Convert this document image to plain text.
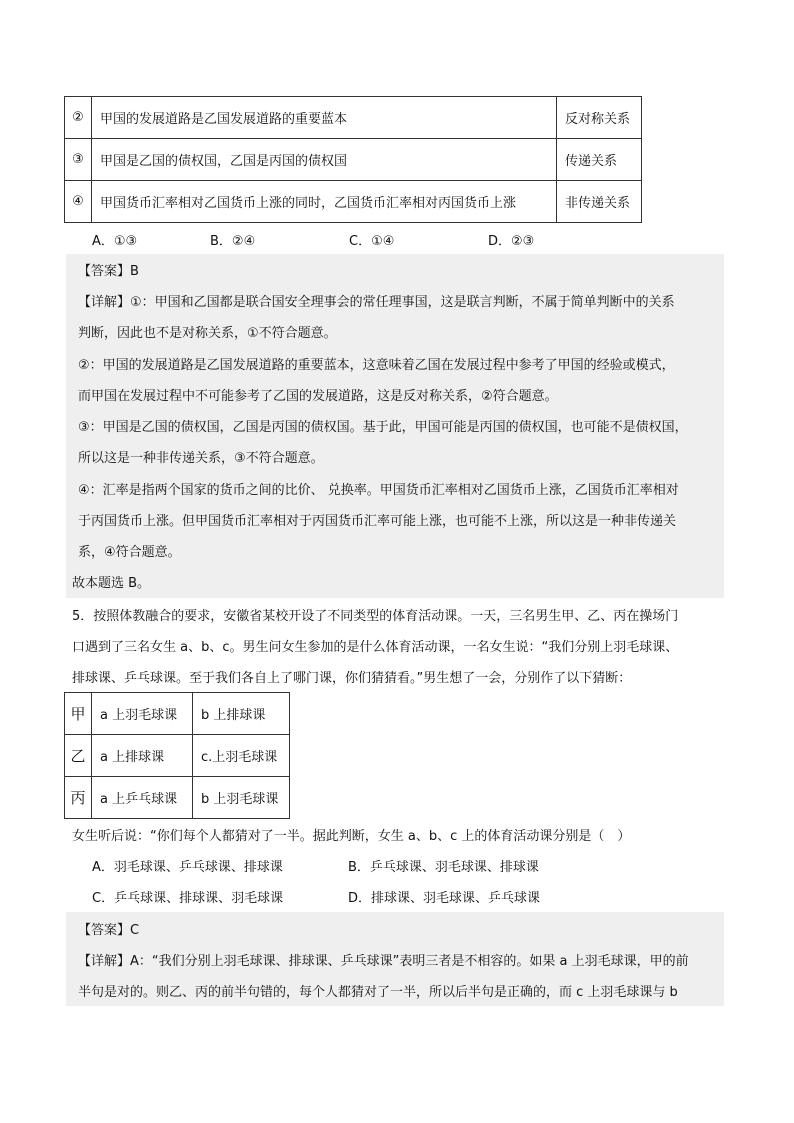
②	甲国的发展道路是乙国发展道路的重要蓝本	反对称关系
③	甲国是乙国的债权国，乙国是丙国的债权国	传递关系
④	甲国货币汇率相对乙国货币上涨的同时，乙国货币汇率相对丙国货币上涨	非传递关系
A．①③	B．②④	C．①④	D．②③
【答案】B
【详解】①：甲国和乙国都是联合国安全理事会的常任理事国，这是联言判断，不属于简单判断中的关系
判断，因此也不是对称关系，①不符合题意。
②：甲国的发展道路是乙国发展道路的重要蓝本，这意味着乙国在发展过程中参考了甲国的经验或模式，
而甲国在发展过程中不可能参考了乙国的发展道路，这是反对称关系，②符合题意。
③：甲国是乙国的债权国，乙国是丙国的债权国。基于此，甲国可能是丙国的债权国，也可能不是债权国，
所以这是一种非传递关系，③不符合题意。
④：汇率是指两个国家的货币之间的比价、 兑换率。甲国货币汇率相对乙国货币上涨，乙国货币汇率相对
于丙国货币上涨。但甲国货币汇率相对于丙国货币汇率可能上涨，也可能不上涨，所以这是一种非传递关
系，④符合题意。
故本题选 B。
5．按照体教融合的要求，安徽省某校开设了不同类型的体育活动课。一天，三名男生甲、乙、丙在操场门
口遇到了三名女生 a、b、c。男生问女生参加的是什么体育活动课，一名女生说：“我们分别上羽毛球课、
排球课、乒乓球课。至于我们各自上了哪门课，你们猜猜看。”男生想了一会，分别作了以下猜断：
甲	a 上羽毛球课	b 上排球课
乙	a 上排球课	c.上羽毛球课
丙	a 上乒乓球课	b 上羽毛球课
女生听后说：“你们每个人都猜对了一半。据此判断，女生 a、b、c 上的体育活动课分别是（　）
A．羽毛球课、乒乓球课、排球课	B．乒乓球课、羽毛球课、排球课
C．乒乓球课、排球课、羽毛球课	D．排球课、羽毛球课、乒乓球课
【答案】C
【详解】A：“我们分别上羽毛球课、排球课、乒乓球课”表明三者是不相容的。如果 a 上羽毛球课，甲的前
半句是对的。则乙、丙的前半句错的，每个人都猜对了一半，所以后半句是正确的，而 c 上羽毛球课与 b
